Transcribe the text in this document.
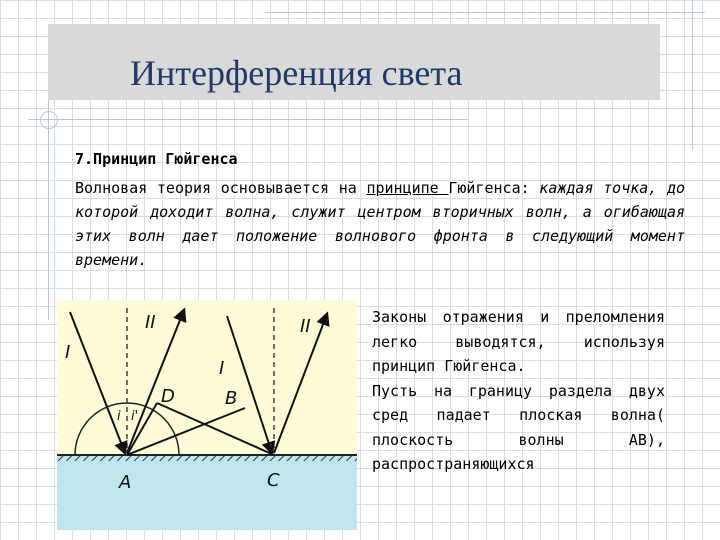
Интерференция света

7.Принцип Гюйгенса

Волновая теория основывается на принципе Гюйгенса: каждая точка, до которой доходит волна, служит центром вторичных волн, а огибающая этих волн дает положение волнового фронта в следующий момент времени.

I
II
I
II
D	B
A	C
i i'

Законы отражения и преломления легко выводятся, используя принцип Гюйгенса.

Пусть на границу раздела двух сред падает плоская волна( плоскость волны АВ), распространяющихся
